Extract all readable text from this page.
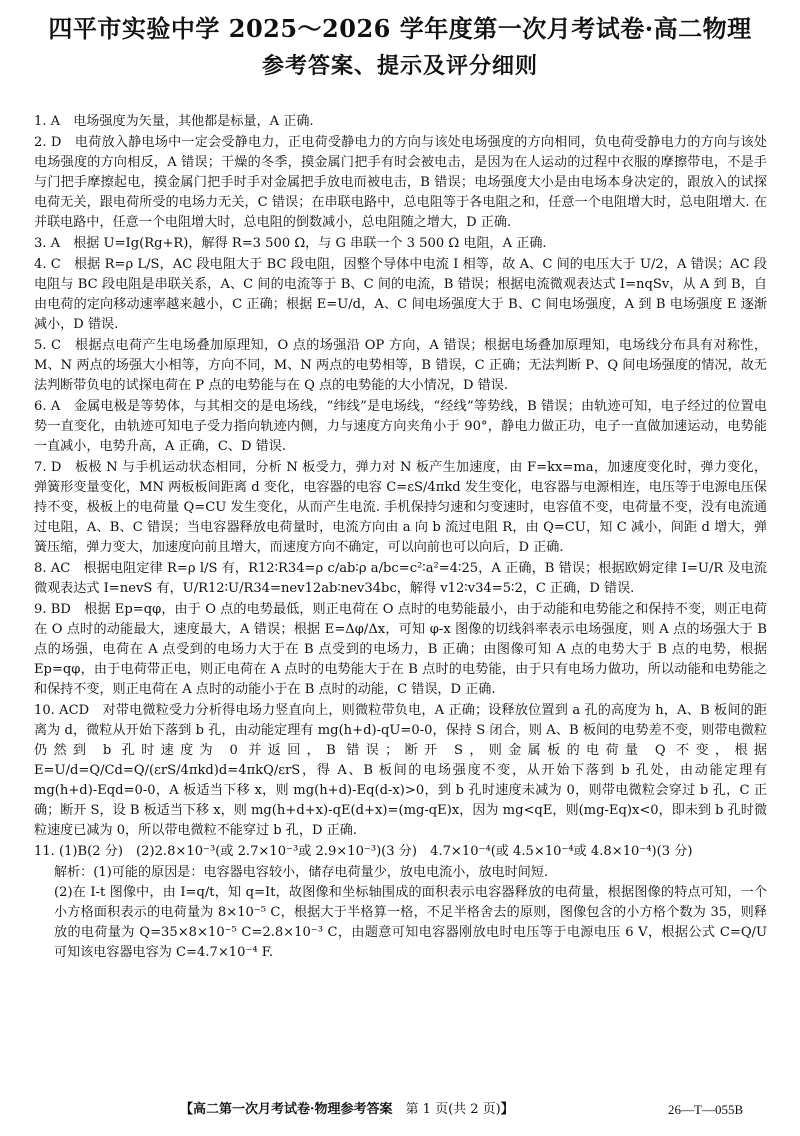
四平市实验中学 2025～2026 学年度第一次月考试卷·高二物理
参考答案、提示及评分细则

1. A　电场强度为矢量，其他都是标量，A 正确.

2. D　电荷放入静电场中一定会受静电力，正电荷受静电力的方向与该处电场强度的方向相同，负电荷受静电力的方向与该处电场强度的方向相反，A 错误；干燥的冬季，摸金属门把手有时会被电击，是因为在人运动的过程中衣服的摩擦带电，不是手与门把手摩擦起电，摸金属门把手时手对金属把手放电而被电击，B 错误；电场强度大小是由电场本身决定的，跟放入的试探电荷无关，跟电荷所受的电场力无关，C 错误；在串联电路中，总电阻等于各电阻之和，任意一个电阻增大时，总电阻增大. 在并联电路中，任意一个电阻增大时，总电阻的倒数减小，总电阻随之增大，D 正确.

3. A　根据 U=Ig(Rg+R)，解得 R=3 500 Ω，与 G 串联一个 3 500 Ω 电阻，A 正确.

4. C　根据 R=ρ L/S，AC 段电阻大于 BC 段电阻，因整个导体中电流 I 相等，故 A、C 间的电压大于 U/2，A 错误；AC 段电阻与 BC 段电阻是串联关系，A、C 间的电流等于 B、C 间的电流，B 错误；根据电流微观表达式 I=nqSv，从 A 到 B，自由电荷的定向移动速率越来越小，C 正确；根据 E=U/d，A、C 间电场强度大于 B、C 间电场强度，A 到 B 电场强度 E 逐渐减小，D 错误.

5. C　根据点电荷产生电场叠加原理知，O 点的场强沿 OP 方向，A 错误；根据电场叠加原理知，电场线分布具有对称性，M、N 两点的场强大小相等，方向不同，M、N 两点的电势相等，B 错误，C 正确；无法判断 P、Q 间电场强度的情况，故无法判断带负电的试探电荷在 P 点的电势能与在 Q 点的电势能的大小情况，D 错误.

6. A　金属电极是等势体，与其相交的是电场线，“纬线”是电场线，“经线”等势线，B 错误；由轨迹可知，电子经过的位置电势一直变化，由轨迹可知电子受力指向轨迹内侧，力与速度方向夹角小于 90°，静电力做正功，电子一直做加速运动，电势能一直减小，电势升高，A 正确，C、D 错误.

7. D　板极 N 与手机运动状态相同，分析 N 板受力，弹力对 N 板产生加速度，由 F=kx=ma，加速度变化时，弹力变化，弹簧形变量变化，MN 两板板间距离 d 变化，电容器的电容 C=εS/4πkd 发生变化，电容器与电源相连，电压等于电源电压保持不变，极板上的电荷量 Q=CU 发生变化，从而产生电流. 手机保持匀速和匀变速时，电容值不变，电荷量不变，没有电流通过电阻，A、B、C 错误；当电容器释放电荷量时，电流方向由 a 向 b 流过电阻 R，由 Q=CU，知 C 减小，间距 d 增大，弹簧压缩，弹力变大，加速度向前且增大，而速度方向不确定，可以向前也可以向后，D 正确.

8. AC　根据电阻定律 R=ρ l/S 有，R12∶R34=ρ c/ab∶ρ a/bc=c²∶a²=4∶25，A 正确，B 错误；根据欧姆定律 I=U/R 及电流微观表达式 I=nevS 有，U/R12∶U/R34=nev12ab∶nev34bc，解得 v12∶v34=5∶2，C 正确，D 错误.

9. BD　根据 Ep=qφ，由于 O 点的电势最低，则正电荷在 O 点时的电势能最小，由于动能和电势能之和保持不变，则正电荷在 O 点时的动能最大，速度最大，A 错误；根据 E=Δφ/Δx，可知 φ-x 图像的切线斜率表示电场强度，则 A 点的场强大于 B 点的场强，电荷在 A 点受到的电场力大于在 B 点受到的电场力，B 正确；由图像可知 A 点的电势大于 B 点的电势，根据 Ep=qφ，由于电荷带正电，则正电荷在 A 点时的电势能大于在 B 点时的电势能，由于只有电场力做功，所以动能和电势能之和保持不变，则正电荷在 A 点时的动能小于在 B 点时的动能，C 错误，D 正确.

10. ACD　对带电微粒受力分析得电场力竖直向上，则微粒带负电，A 正确；设释放位置到 a 孔的高度为 h，A、B 板间的距离为 d，微粒从开始下落到 b 孔，由动能定理有 mg(h+d)-qU=0-0，保持 S 闭合，则 A、B 板间的电势差不变，则带电微粒仍然到 b 孔时速度为 0 并返回，B 错误；断开 S，则金属板的电荷量 Q 不变，根据 E=U/d=Q/Cd=Q/(εrS/4πkd)d=4πkQ/εrS，得 A、B 板间的电场强度不变，从开始下落到 b 孔处，由动能定理有 mg(h+d)-Eqd=0-0，A 板适当下移 x，则 mg(h+d)-Eq(d-x)>0，到 b 孔时速度未减为 0，则带电微粒会穿过 b 孔，C 正确；断开 S，设 B 板适当下移 x，则 mg(h+d+x)-qE(d+x)=(mg-qE)x，因为 mg<qE，则(mg-Eq)x<0，即未到 b 孔时微粒速度已减为 0，所以带电微粒不能穿过 b 孔，D 正确.

11. (1)B(2 分)　(2)2.8×10⁻³(或 2.7×10⁻³或 2.9×10⁻³)(3 分)　4.7×10⁻⁴(或 4.5×10⁻⁴或 4.8×10⁻⁴)(3 分)

解析：(1)可能的原因是：电容器电容较小，储存电荷量少，放电电流小，放电时间短.

(2)在 I-t 图像中，由 I=q/t，知 q=It，故图像和坐标轴围成的面积表示电容器释放的电荷量，根据图像的特点可知，一个小方格面积表示的电荷量为 8×10⁻⁵ C，根据大于半格算一格，不足半格舍去的原则，图像包含的小方格个数为 35，则释放的电荷量为 Q=35×8×10⁻⁵ C=2.8×10⁻³ C，由题意可知电容器刚放电时电压等于电源电压 6 V，根据公式 C=Q/U 可知该电容器电容为 C=4.7×10⁻⁴ F.

【高二第一次月考试卷·物理参考答案　第 1 页(共 2 页)】	26—T—055B
